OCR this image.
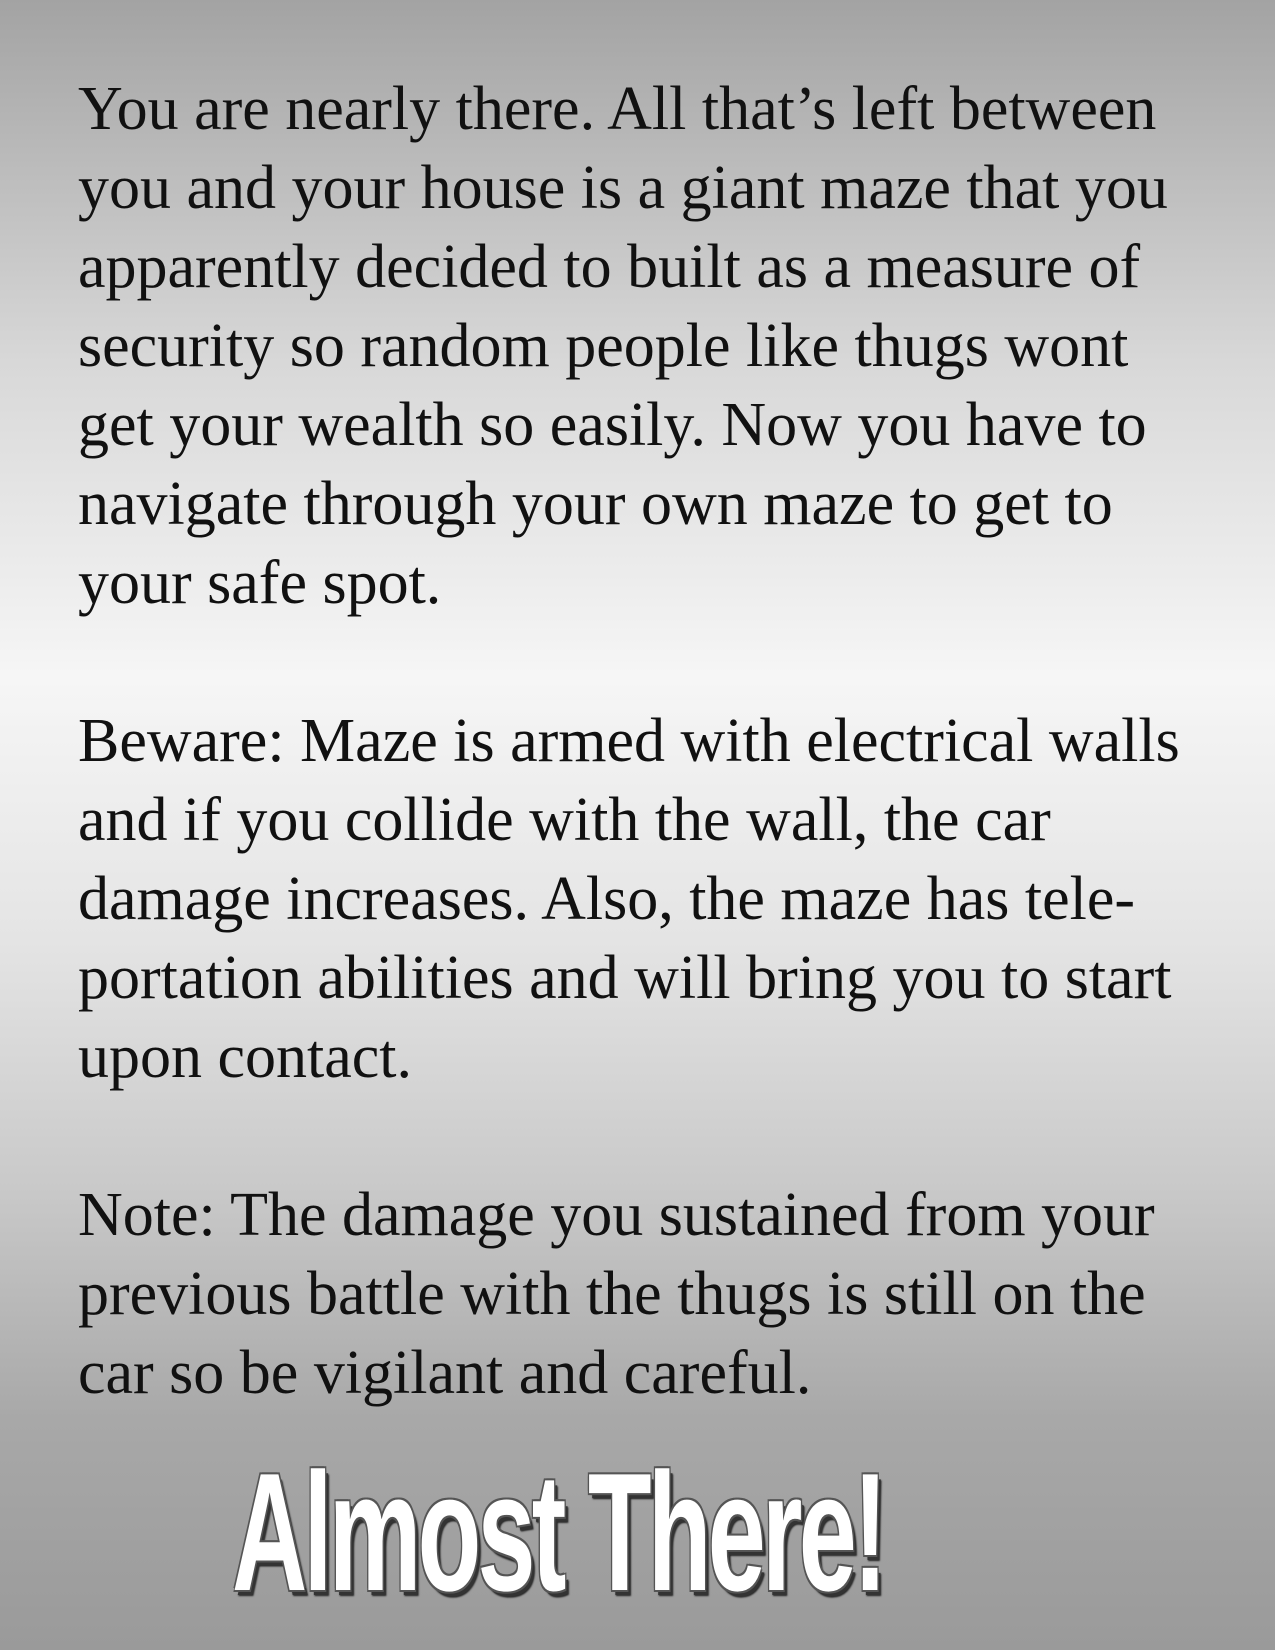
You are nearly there. All that’s left between you and your house is a giant maze that you apparently decided to built as a measure of security so random people like thugs wont get your wealth so easily. Now you have to navigate through your own maze to get to your safe spot.

Beware: Maze is armed with electrical walls and if you collide with the wall, the car damage increases. Also, the maze has tele-portation abilities and will bring you to start upon contact.

Note: The damage you sustained from your previous battle with the thugs is still on the car so be vigilant and careful.

Almost There!
